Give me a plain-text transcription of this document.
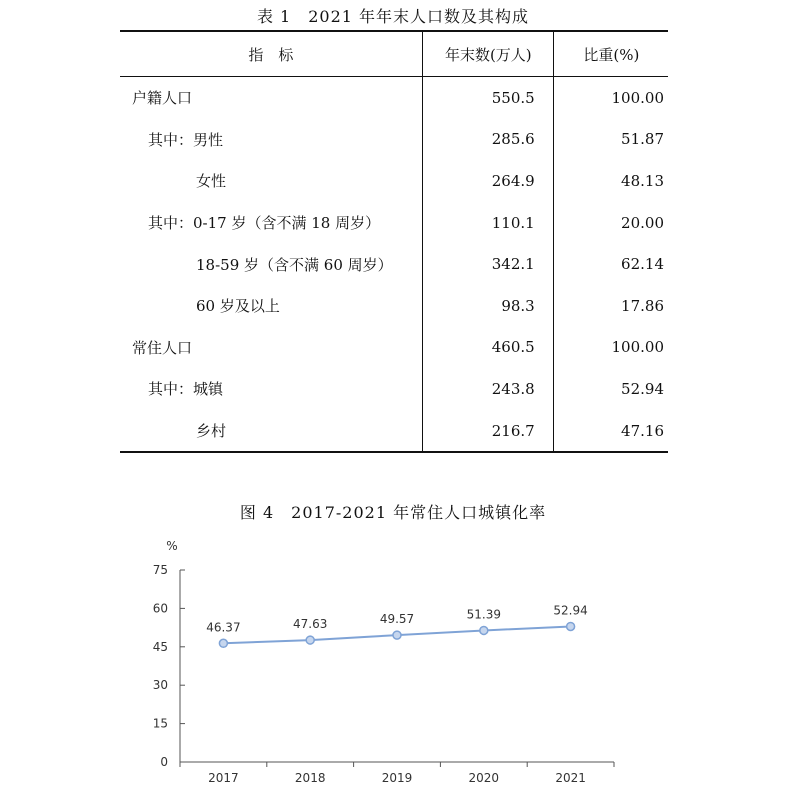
表 1　2021 年年末人口数及其构成
指　标	年末数(万人)	比重(%)
户籍人口	550.5	100.00
其中：男性	285.6	51.87
女性	264.9	48.13
其中：0-17 岁（含不满 18 周岁）	110.1	20.00
18-59 岁（含不满 60 周岁）	342.1	62.14
60 岁及以上	98.3	17.86
常住人口	460.5	100.00
其中：城镇	243.8	52.94
乡村	216.7	47.16
图 4　2017-2021 年常住人口城镇化率
%
0
15
30
45
60
75
2017	2018	2019	2020	2021
46.37	47.63	49.57	51.39	52.94
